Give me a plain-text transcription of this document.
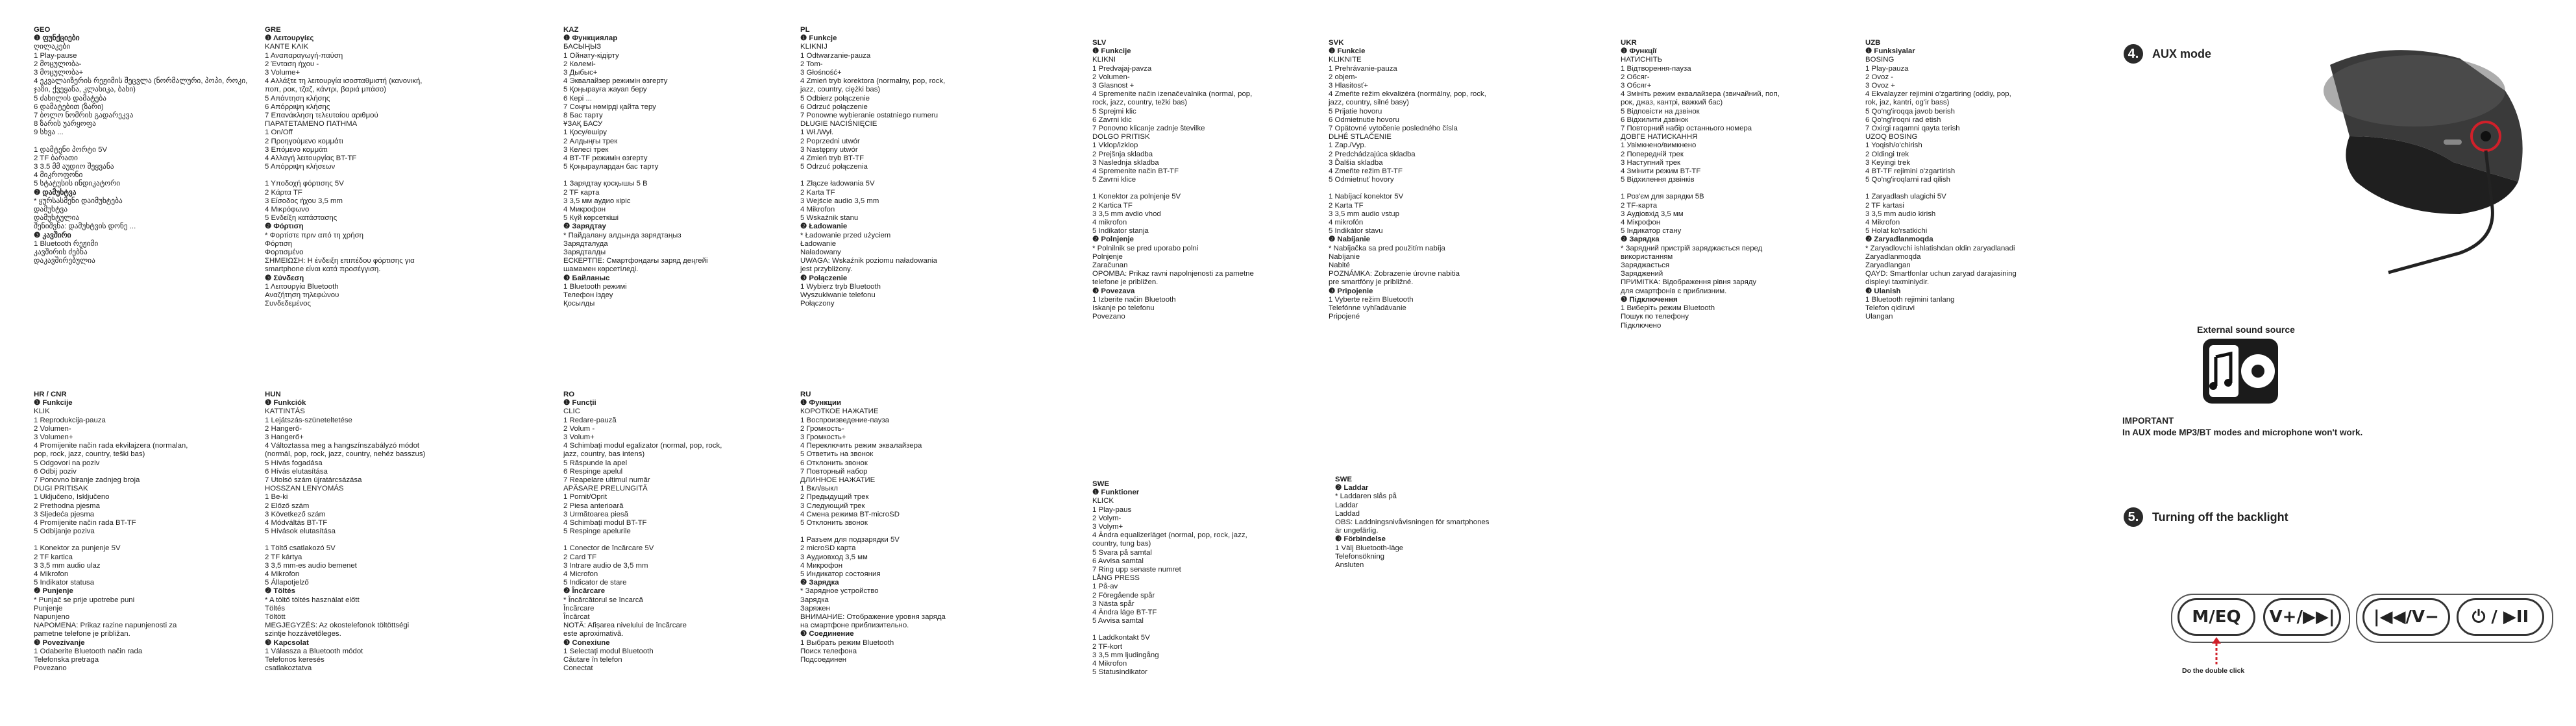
GEO
❶ ფუნქციები
ღილაკები
1 Play-pause
2 მოცულობა-
3 მოცულობა+
4 ეკვალაიზერის რეჟიმის შეცვლა (ნორმალური, პოპი, როკი,
ჯაზი, ქვეყანა, კლასიკა, ბასი)
5 ძახილის დამატება
6 დამატებით (ზარი)
7 ბოლო ნომრის გადარეკვა
8 ზარის უარყოფა
9 სხვა ...
1 დამტენი პორტი 5V
2 TF ბარათი
3 3.5 მმ აუდიო შეყვანა
4 მიკროფონი
5 სტატუსის ინდიკატორი
❷ დამუხტვა
* ყურსასმენი დაიმუხტება
დამუხტვა
დამუხტულია
შენიშვნა: დამუხტვის დონე ...
❸ კავშირი
1 Bluetooth რეჟიმი
კავშირის ძებნა
დაკავშირებულია
GRE
❶ Λειτουργίες
ΚΑΝΤΕ ΚΛΙΚ
1 Αναπαραγωγή-παύση
2 Ένταση ήχου -
3 Volume+
4 Αλλάξτε τη λειτουργία ισοσταθμιστή (κανονική,
ποπ, ροκ, τζαζ, κάντρι, βαριά μπάσο)
5 Απάντηση κλήσης
6 Απόρριψη κλήσης
7 Επανάκληση τελευταίου αριθμού
ΠΑΡΑΤΕΤΑΜΕΝΟ ΠΑΤΗΜΑ
1 On/Off
2 Προηγούμενο κομμάτι
3 Επόμενο κομμάτι
4 Αλλαγή λειτουργίας BT-TF
5 Απόρριψη κλήσεων
1 Υποδοχή φόρτισης 5V
2 Κάρτα TF
3 Είσοδος ήχου 3,5 mm
4 Μικρόφωνο
5 Ενδείξη κατάστασης
❷ Φόρτιση
* Φορτίστε πριν από τη χρήση
Φόρτιση
Φορτισμένο
ΣΗΜΕΙΩΣΗ: Η ένδειξη επιπέδου φόρτισης για
smartphone είναι κατά προσέγγιση.
❸ Σύνδεση
1 Λειτουργία Bluetooth
Αναζήτηση τηλεφώνου
Συνδεδεμένος
KAZ
❶ Функциялар
БАСЫҢЫЗ
1 Ойнату-кідірту
2 Көлемі-
3 Дыбыс+
4 Эквалайзер режимін өзгерту
5 Қоңырауға жауап беру
6 Кері ...
7 Соңғы нөмірді қайта теру
8 Бас тарту
ҰЗАҚ БАСУ
1 Қосу/өшіру
2 Алдыңғы трек
3 Келесі трек
4 BT-TF режимін өзгерту
5 Қоңыраулардан бас тарту
1 Зарядтау қосқышы 5 В
2 TF карта
3 3,5 мм аудио кіріс
4 Микрофон
5 Күй көрсеткіші
❷ Зарядтау
* Пайдалану алдында зарядтаңыз
Зарядталуда
Зарядталды
ЕСКЕРТПЕ: Смартфондағы заряд деңгейі
шамамен көрсетіледі.
❸ Байланыс
1 Bluetooth режимі
Телефон іздеу
Қосылды
PL
❶ Funkcje
KLIKNIJ
1 Odtwarzanie-pauza
2 Tom-
3 Głośność+
4 Zmień tryb korektora (normalny, pop, rock,
jazz, country, ciężki bas)
5 Odbierz połączenie
6 Odrzuć połączenie
7 Ponowne wybieranie ostatniego numeru
DŁUGIE NACIŚNIĘCIE
1 Wł./Wył.
2 Poprzedni utwór
3 Następny utwór
4 Zmień tryb BT-TF
5 Odrzuć połączenia
1 Złącze ładowania 5V
2 Karta TF
3 Wejście audio 3,5 mm
4 Mikrofon
5 Wskaźnik stanu
❷ Ładowanie
* Ładowanie przed użyciem
Ładowanie
Naładowany
UWAGA: Wskaźnik poziomu naładowania
jest przybliżony.
❸ Połączenie
1 Wybierz tryb Bluetooth
Wyszukiwanie telefonu
Połączony
SLV
❶ Funkcije
KLIKNI
1 Predvajaj-pavza
2 Volumen-
3 Glasnost +
4 Spremenite način izenačevalnika (normal, pop,
rock, jazz, country, težki bas)
5 Sprejmi klic
6 Zavrni klic
7 Ponovno klicanje zadnje številke
DOLGO PRITISK
1 Vklop/izklop
2 Prejšnja skladba
3 Naslednja skladba
4 Spremenite način BT-TF
5 Zavrni klice
1 Konektor za polnjenje 5V
2 Kartica TF
3 3,5 mm avdio vhod
4 mikrofon
5 Indikator stanja
❷ Polnjenje
* Polnilnik se pred uporabo polni
Polnjenje
Zaračunan
OPOMBA: Prikaz ravni napolnjenosti za pametne
telefone je približen.
❸ Povezava
1 Izberite način Bluetooth
Iskanje po telefonu
Povezano
SVK
❶ Funkcie
KLIKNITE
1 Prehrávanie-pauza
2 objem-
3 Hlasitosť+
4 Zmeňte režim ekvalizéra (normálny, pop, rock,
jazz, country, silné basy)
5 Prijatie hovoru
6 Odmietnutie hovoru
7 Opätovné vytočenie posledného čísla
DLHÉ STLAČENIE
1 Zap./Vyp.
2 Predchádzajúca skladba
3 Ďalšia skladba
4 Zmeňte režim BT-TF
5 Odmietnuť hovory
1 Nabíjací konektor 5V
2 Karta TF
3 3,5 mm audio vstup
4 mikrofón
5 Indikátor stavu
❷ Nabíjanie
* Nabíjačka sa pred použitím nabíja
Nabíjanie
Nabité
POZNÁMKA: Zobrazenie úrovne nabitia
pre smartfóny je približné.
❸ Pripojenie
1 Vyberte režim Bluetooth
Telefónne vyhľadávanie
Pripojené
UKR
❶ Функції
НАТИСНІТЬ
1 Відтворення-пауза
2 Обсяг-
3 Обсяг+
4 Змініть режим еквалайзера (звичайний, поп,
рок, джаз, кантрі, важкий бас)
5 Відповісти на дзвінок
6 Відхилити дзвінок
7 Повторний набір останнього номера
ДОВГЕ НАТИСКАННЯ
1 Увімкнено/вимкнено
2 Попередній трек
3 Наступний трек
4 Змінити режим BT-TF
5 Відхилення дзвінків
1 Роз'єм для зарядки 5В
2 TF-карта
3 Аудіовхід 3,5 мм
4 Мікрофон
5 Індикатор стану
❷ Зарядка
* Зарядний пристрій заряджається перед
використанням
Заряджається
Заряджений
ПРИМІТКА: Відображення рівня заряду
для смартфонів є приблизним.
❸ Підключення
1 Виберіть режим Bluetooth
Пошук по телефону
Підключено
UZB
❶ Funksiyalar
BOSING
1 Play-pauza
2 Ovoz -
3 Ovoz +
4 Ekvalayzer rejimini o'zgartiring (oddiy, pop,
rok, jaz, kantri, og'ir bass)
5 Qo'ng'iroqqa javob berish
6 Qo'ng'iroqni rad etish
7 Oxirgi raqamni qayta terish
UZOQ BOSING
1 Yoqish/o'chirish
2 Oldingi trek
3 Keyingi trek
4 BT-TF rejimini o'zgartirish
5 Qo'ng'iroqlarni rad qilish
1 Zaryadlash ulagichi 5V
2 TF kartasi
3 3,5 mm audio kirish
4 Mikrofon
5 Holat ko'rsatkichi
❷ Zaryadlanmoqda
* Zaryadlovchi ishlatishdan oldin zaryadlanadi
Zaryadlanmoqda
Zaryadlangan
QAYD: Smartfonlar uchun zaryad darajasining
displeyi taxminiydir.
❸ Ulanish
1 Bluetooth rejimini tanlang
Telefon qidiruvi
Ulangan
HR / CNR
❶ Funkcije
KLIK
1 Reprodukcija-pauza
2 Volumen-
3 Volumen+
4 Promijenite način rada ekvilajzera (normalan,
pop, rock, jazz, country, teški bas)
5 Odgovori na poziv
6 Odbij poziv
7 Ponovno biranje zadnjeg broja
DUGI PRITISAK
1 Uključeno, Isključeno
2 Prethodna pjesma
3 Sljedeća pjesma
4 Promijenite način rada BT-TF
5 Odbijanje poziva
1 Konektor za punjenje 5V
2 TF kartica
3 3,5 mm audio ulaz
4 Mikrofon
5 Indikator statusa
❷ Punjenje
* Punjač se prije upotrebe puni
Punjenje
Napunjeno
NAPOMENA: Prikaz razine napunjenosti za
pametne telefone je približan.
❸ Povezivanje
1 Odaberite Bluetooth način rada
Telefonska pretraga
Povezano
HUN
❶ Funkciók
KATTINTÁS
1 Lejátszás-szüneteltetése
2 Hangerő-
3 Hangerő+
4 Változtassa meg a hangszínszabályzó módot
(normál, pop, rock, jazz, country, nehéz basszus)
5 Hívás fogadása
6 Hívás elutasítása
7 Utolsó szám újratárcsázása
HOSSZAN LENYOMÁS
1 Be-ki
2 Előző szám
3 Következő szám
4 Módváltás BT-TF
5 Hívások elutasítása
1 Töltő csatlakozó 5V
2 TF kártya
3 3,5 mm-es audio bemenet
4 Mikrofon
5 Állapotjelző
❷ Töltés
* A töltő töltés használat előtt
Töltés
Töltött
MEGJEGYZÉS: Az okostelefonok töltöttségi
szintje hozzávetőleges.
❸ Kapcsolat
1 Válassza a Bluetooth módot
Telefonos keresés
csatlakoztatva
RO
❶ Funcții
CLIC
1 Redare-pauză
2 Volum -
3 Volum+
4 Schimbați modul egalizator (normal, pop, rock,
jazz, country, bas intens)
5 Răspunde la apel
6 Respinge apelul
7 Reapelare ultimul număr
APĂSARE PRELUNGITĂ
1 Pornit/Oprit
2 Piesa anterioară
3 Următoarea piesă
4 Schimbați modul BT-TF
5 Respinge apelurile
1 Conector de încărcare 5V
2 Card TF
3 Intrare audio de 3,5 mm
4 Microfon
5 Indicator de stare
❷ Încărcare
* Încărcătorul se încarcă
Încărcare
Încărcat
NOTĂ: Afișarea nivelului de încărcare
este aproximativă.
❸ Conexiune
1 Selectați modul Bluetooth
Căutare în telefon
Conectat
RU
❶ Функции
КОРОТКОЕ НАЖАТИЕ
1 Воспроизведение-пауза
2 Громкость-
3 Громкость+
4 Переключить режим эквалайзера
5 Ответить на звонок
6 Отклонить звонок
7 Повторный набор
ДЛИННОЕ НАЖАТИЕ
1 Вкл/выкл
2 Предыдущий трек
3 Следующий трек
4 Смена режима BT-microSD
5 Отклонить звонок
1 Разъем для подзарядки 5V
2 microSD карта
3 Аудиовход 3,5 мм
4 Микрофон
5 Индикатор состояния
❷ Зарядка
* Зарядное устройство
Зарядка
Заряжен
ВНИМАНИЕ: Отображение уровня заряда
на смартфоне приблизительно.
❸ Соединение
1 Выбрать режим Bluetooth
Поиск телефона
Подсоединен
SWE
❶ Funktioner
KLICK
1 Play-paus
2 Volym-
3 Volym+
4 Ändra equalizerläget (normal, pop, rock, jazz,
country, tung bas)
5 Svara på samtal
6 Avvisa samtal
7 Ring upp senaste numret
LÅNG PRESS
1 På-av
2 Föregående spår
3 Nästa spår
4 Ändra läge BT-TF
5 Avvisa samtal
1 Laddkontakt 5V
2 TF-kort
3 3,5 mm ljudingång
4 Mikrofon
5 Statusindikator
SWE
❷ Laddar
* Laddaren slås på
Laddar
Laddad
OBS: Laddningsnivåvisningen för smartphones
är ungefärlig.
❸ Förbindelse
1 Välj Bluetooth-läge
Telefonsökning
Ansluten
4.	AUX mode
External sound source
IMPORTANT
In AUX mode MP3/BT modes and microphone won't work.
5.	Turning off the backlight
M/EQ	V+/▶▶|	|◀◀/V−	⏻ / ▶II
Do the double click
